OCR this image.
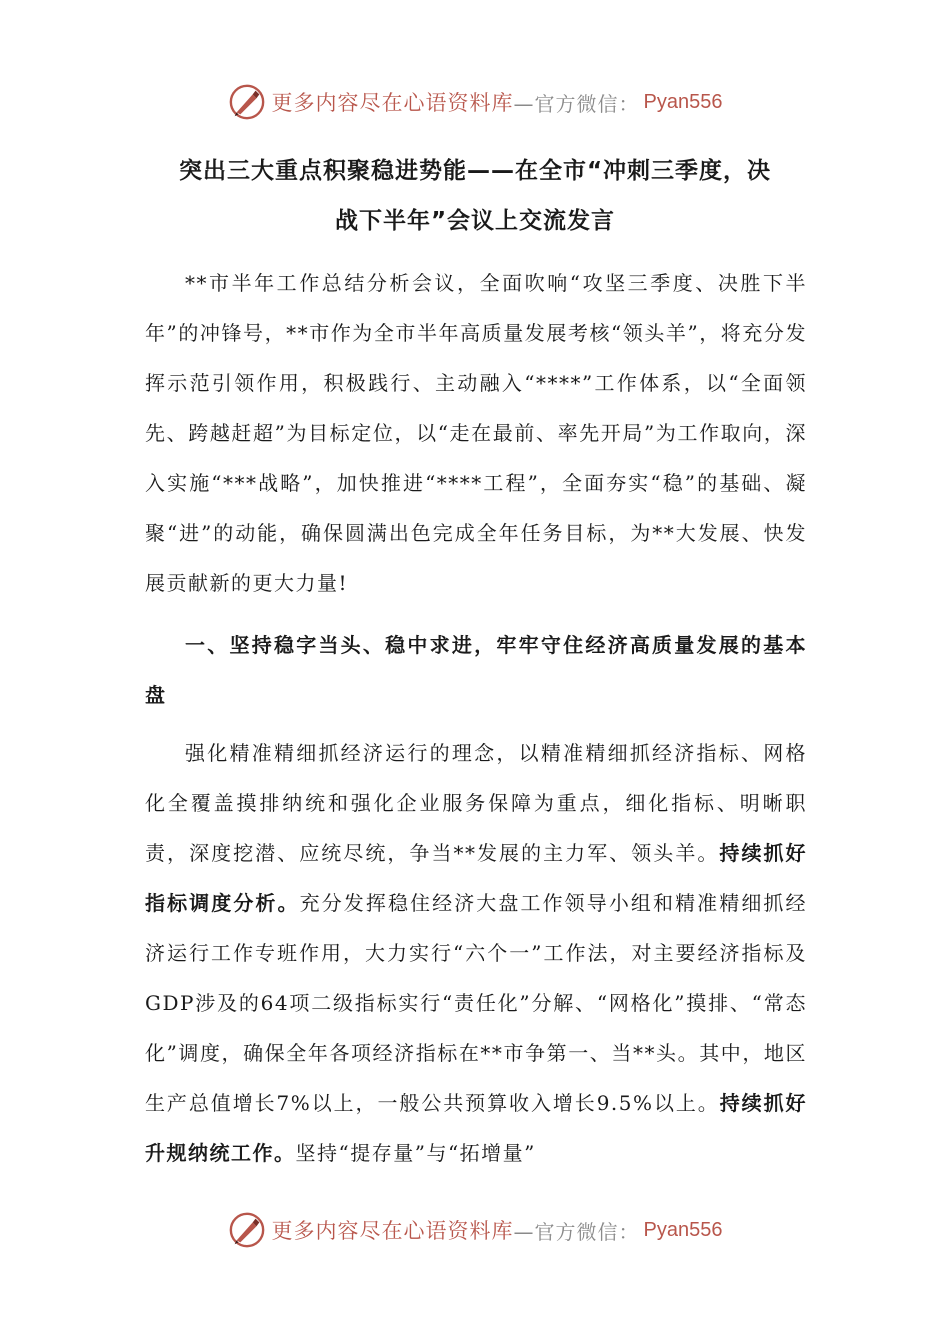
更多内容尽在心语资料库 —官方微信： Pyan556
突出三大重点积聚稳进势能——在全市“冲刺三季度，决
战下半年”会议上交流发言

**市半年工作总结分析会议，全面吹响“攻坚三季度、决胜下半年”的冲锋号，**市作为全市半年高质量发展考核“领头羊”，将充分发挥示范引领作用，积极践行、主动融入“****”工作体系，以“全面领先、跨越赶超”为目标定位，以“走在最前、率先开局”为工作取向，深入实施“***战略”，加快推进“****工程”，全面夯实“稳”的基础、凝聚“进”的动能，确保圆满出色完成全年任务目标，为**大发展、快发展贡献新的更大力量!

一、坚持稳字当头、稳中求进，牢牢守住经济高质量发展的基本盘

强化精准精细抓经济运行的理念，以精准精细抓经济指标、网格化全覆盖摸排纳统和强化企业服务保障为重点，细化指标、明晰职责，深度挖潜、应统尽统，争当**发展的主力军、领头羊。持续抓好指标调度分析。充分发挥稳住经济大盘工作领导小组和精准精细抓经济运行工作专班作用，大力实行“六个一”工作法，对主要经济指标及GDP涉及的64项二级指标实行“责任化”分解、“网格化”摸排、“常态化”调度，确保全年各项经济指标在**市争第一、当**头。其中，地区生产总值增长7%以上，一般公共预算收入增长9.5%以上。持续抓好升规纳统工作。坚持“提存量”与“拓增量”

更多内容尽在心语资料库 —官方微信： Pyan556
